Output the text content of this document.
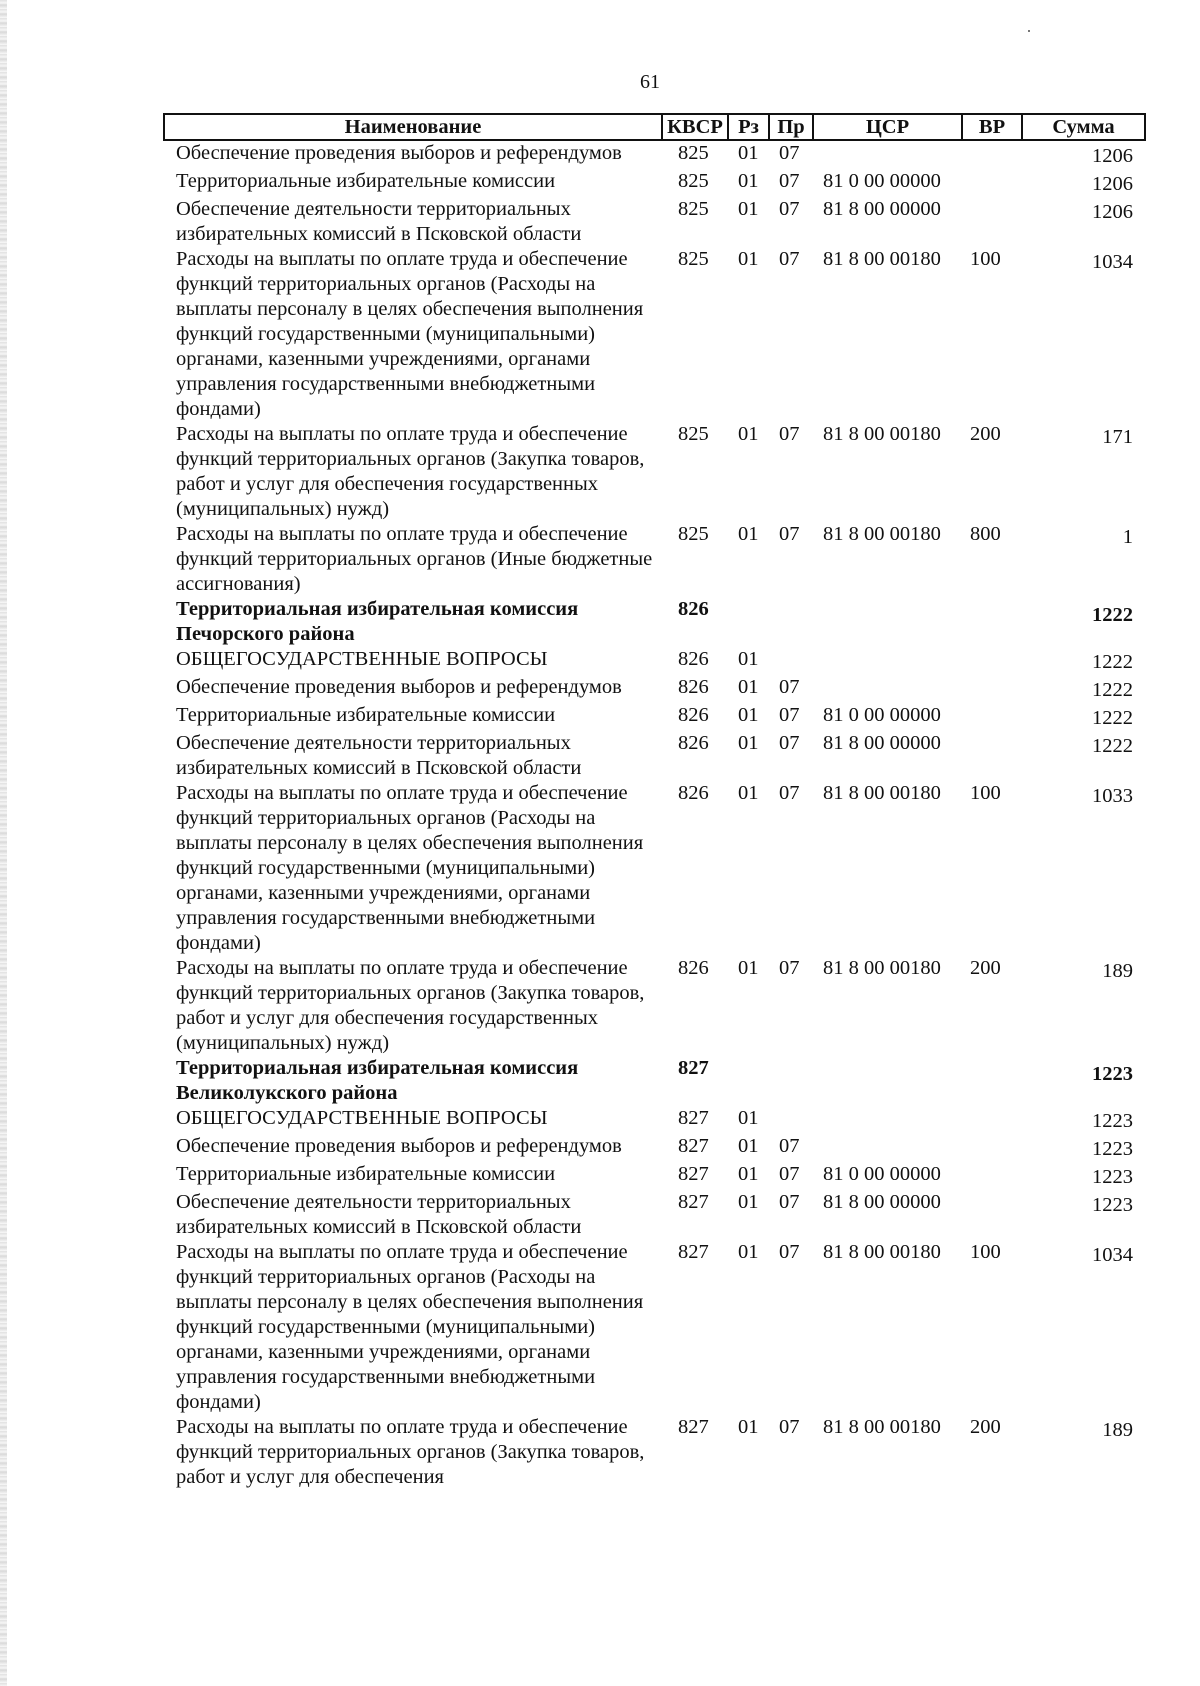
61
Наименование	КВСР	Рз	Пр	ЦСР	ВР	Сумма
Обеспечение проведения выборов и референдумов	825	01	07			1206
Территориальные избирательные комиссии	825	01	07	81 0 00 00000		1206
Обеспечение деятельности территориальных избирательных комиссий в Псковской области	825	01	07	81 8 00 00000		1206
Расходы на выплаты по оплате труда и обеспечение функций территориальных органов (Расходы на выплаты персоналу в целях обеспечения выполнения функций государственными (муниципальными) органами, казенными учреждениями, органами управления государственными внебюджетными фондами)	825	01	07	81 8 00 00180	100	1034
Расходы на выплаты по оплате труда и обеспечение функций территориальных органов (Закупка товаров, работ и услуг для обеспечения государственных (муниципальных) нужд)	825	01	07	81 8 00 00180	200	171
Расходы на выплаты по оплате труда и обеспечение функций территориальных органов (Иные бюджетные ассигнования)	825	01	07	81 8 00 00180	800	1
Территориальная избирательная комиссия Печорского района	826					1222
ОБЩЕГОСУДАРСТВЕННЫЕ ВОПРОСЫ	826	01				1222
Обеспечение проведения выборов и референдумов	826	01	07			1222
Территориальные избирательные комиссии	826	01	07	81 0 00 00000		1222
Обеспечение деятельности территориальных избирательных комиссий в Псковской области	826	01	07	81 8 00 00000		1222
Расходы на выплаты по оплате труда и обеспечение функций территориальных органов (Расходы на выплаты персоналу в целях обеспечения выполнения функций государственными (муниципальными) органами, казенными учреждениями, органами управления государственными внебюджетными фондами)	826	01	07	81 8 00 00180	100	1033
Расходы на выплаты по оплате труда и обеспечение функций территориальных органов (Закупка товаров, работ и услуг для обеспечения государственных (муниципальных) нужд)	826	01	07	81 8 00 00180	200	189
Территориальная избирательная комиссия Великолукского района	827					1223
ОБЩЕГОСУДАРСТВЕННЫЕ ВОПРОСЫ	827	01				1223
Обеспечение проведения выборов и референдумов	827	01	07			1223
Территориальные избирательные комиссии	827	01	07	81 0 00 00000		1223
Обеспечение деятельности территориальных избирательных комиссий в Псковской области	827	01	07	81 8 00 00000		1223
Расходы на выплаты по оплате труда и обеспечение функций территориальных органов (Расходы на выплаты персоналу в целях обеспечения выполнения функций государственными (муниципальными) органами, казенными учреждениями, органами управления государственными внебюджетными фондами)	827	01	07	81 8 00 00180	100	1034
Расходы на выплаты по оплате труда и обеспечение функций территориальных органов (Закупка товаров, работ и услуг для обеспечения	827	01	07	81 8 00 00180	200	189
